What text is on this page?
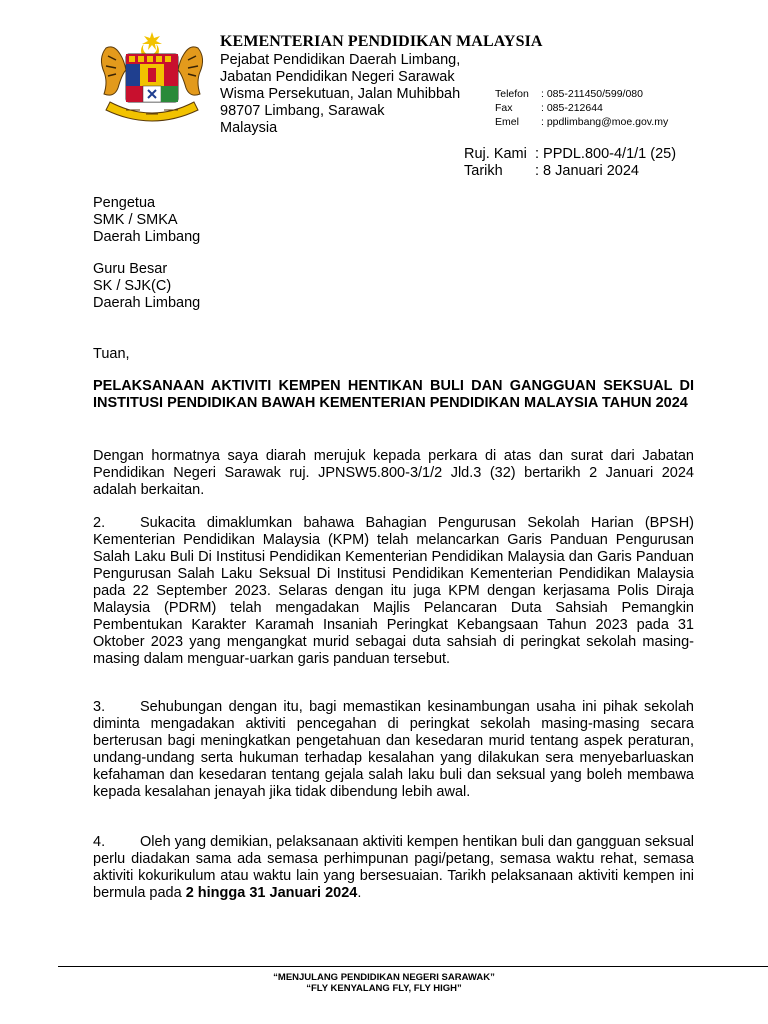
KEMENTERIAN PENDIDIKAN MALAYSIA
Pejabat Pendidikan Daerah Limbang,
Jabatan Pendidikan Negeri Sarawak
Wisma Persekutuan, Jalan Muhibbah
98707 Limbang, Sarawak
Malaysia
Telefon	: 085-211450/599/080
Fax	: 085-212644
Emel	: ppdlimbang@moe.gov.my
Ruj. Kami : PPDL.800-4/1/1 (25)
Tarikh	: 8 Januari 2024
Pengetua
SMK / SMKA
Daerah Limbang
Guru Besar
SK / SJK(C)
Daerah Limbang
Tuan,
PELAKSANAAN AKTIVITI KEMPEN HENTIKAN BULI DAN GANGGUAN SEKSUAL DI INSTITUSI PENDIDIKAN BAWAH KEMENTERIAN PENDIDIKAN MALAYSIA TAHUN 2024
Dengan hormatnya saya diarah merujuk kepada perkara di atas dan surat dari Jabatan Pendidikan Negeri Sarawak ruj. JPNSW5.800-3/1/2 Jld.3 (32) bertarikh 2 Januari 2024 adalah berkaitan.
2. Sukacita dimaklumkan bahawa Bahagian Pengurusan Sekolah Harian (BPSH) Kementerian Pendidikan Malaysia (KPM) telah melancarkan Garis Panduan Pengurusan Salah Laku Buli Di Institusi Pendidikan Kementerian Pendidikan Malaysia dan Garis Panduan Pengurusan Salah Laku Seksual Di Institusi Pendidikan Kementerian Pendidikan Malaysia pada 22 September 2023. Selaras dengan itu juga KPM dengan kerjasama Polis Diraja Malaysia (PDRM) telah mengadakan Majlis Pelancaran Duta Sahsiah Pemangkin Pembentukan Karakter Karamah Insaniah Peringkat Kebangsaan Tahun 2023 pada 31 Oktober 2023 yang mengangkat murid sebagai duta sahsiah di peringkat sekolah masing-masing dalam menguar-uarkan garis panduan tersebut.
3. Sehubungan dengan itu, bagi memastikan kesinambungan usaha ini pihak sekolah diminta mengadakan aktiviti pencegahan di peringkat sekolah masing-masing secara berterusan bagi meningkatkan pengetahuan dan kesedaran murid tentang aspek peraturan, undang-undang serta hukuman terhadap kesalahan yang dilakukan sera menyebarluaskan kefahaman dan kesedaran tentang gejala salah laku buli dan seksual yang boleh membawa kepada kesalahan jenayah jika tidak dibendung lebih awal.
4. Oleh yang demikian, pelaksanaan aktiviti kempen hentikan buli dan gangguan seksual perlu diadakan sama ada semasa perhimpunan pagi/petang, semasa waktu rehat, semasa aktiviti kokurikulum atau waktu lain yang bersesuaian. Tarikh pelaksanaan aktiviti kempen ini bermula pada 2 hingga 31 Januari 2024.
“MENJULANG PENDIDIKAN NEGERI SARAWAK”
“FLY KENYALANG FLY, FLY HIGH”
